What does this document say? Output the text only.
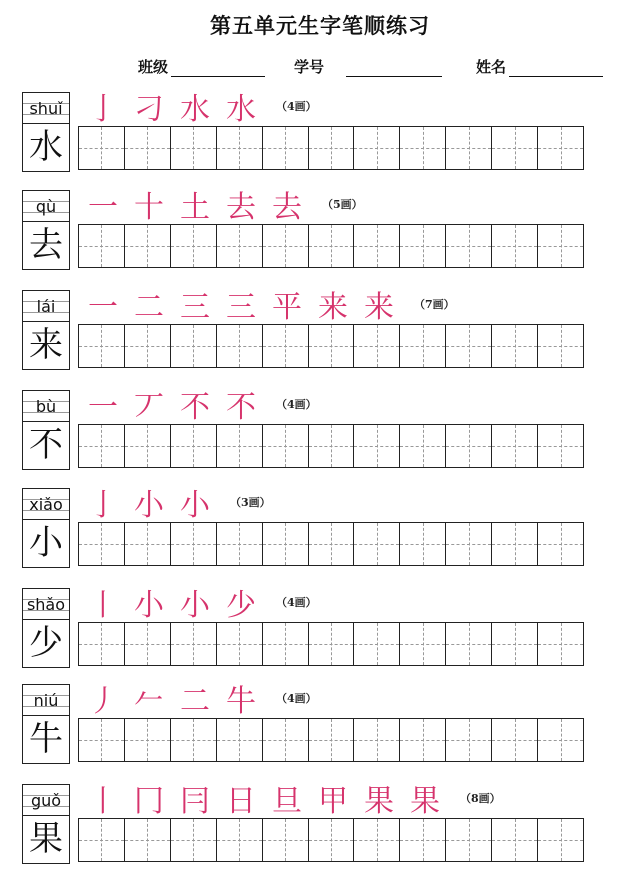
第五单元生字笔顺练习
班级	学号	姓名
shuǐ
水
亅 刁 水 水	（4画）
qù
去
一 十 土 去 去	（5画）
lái
来
一 二 三 三 平 来 来	（7画）
bù
不
一 丆 不 不	（4画）
xiǎo
小
亅 小 小	（3画）
shǎo
少
丨 小 小 少	（4画）
niú
牛
丿 𠂉 二 牛	（4画）
guǒ
果
丨 冂 冃 日 旦 甲 果 果	（8画）
